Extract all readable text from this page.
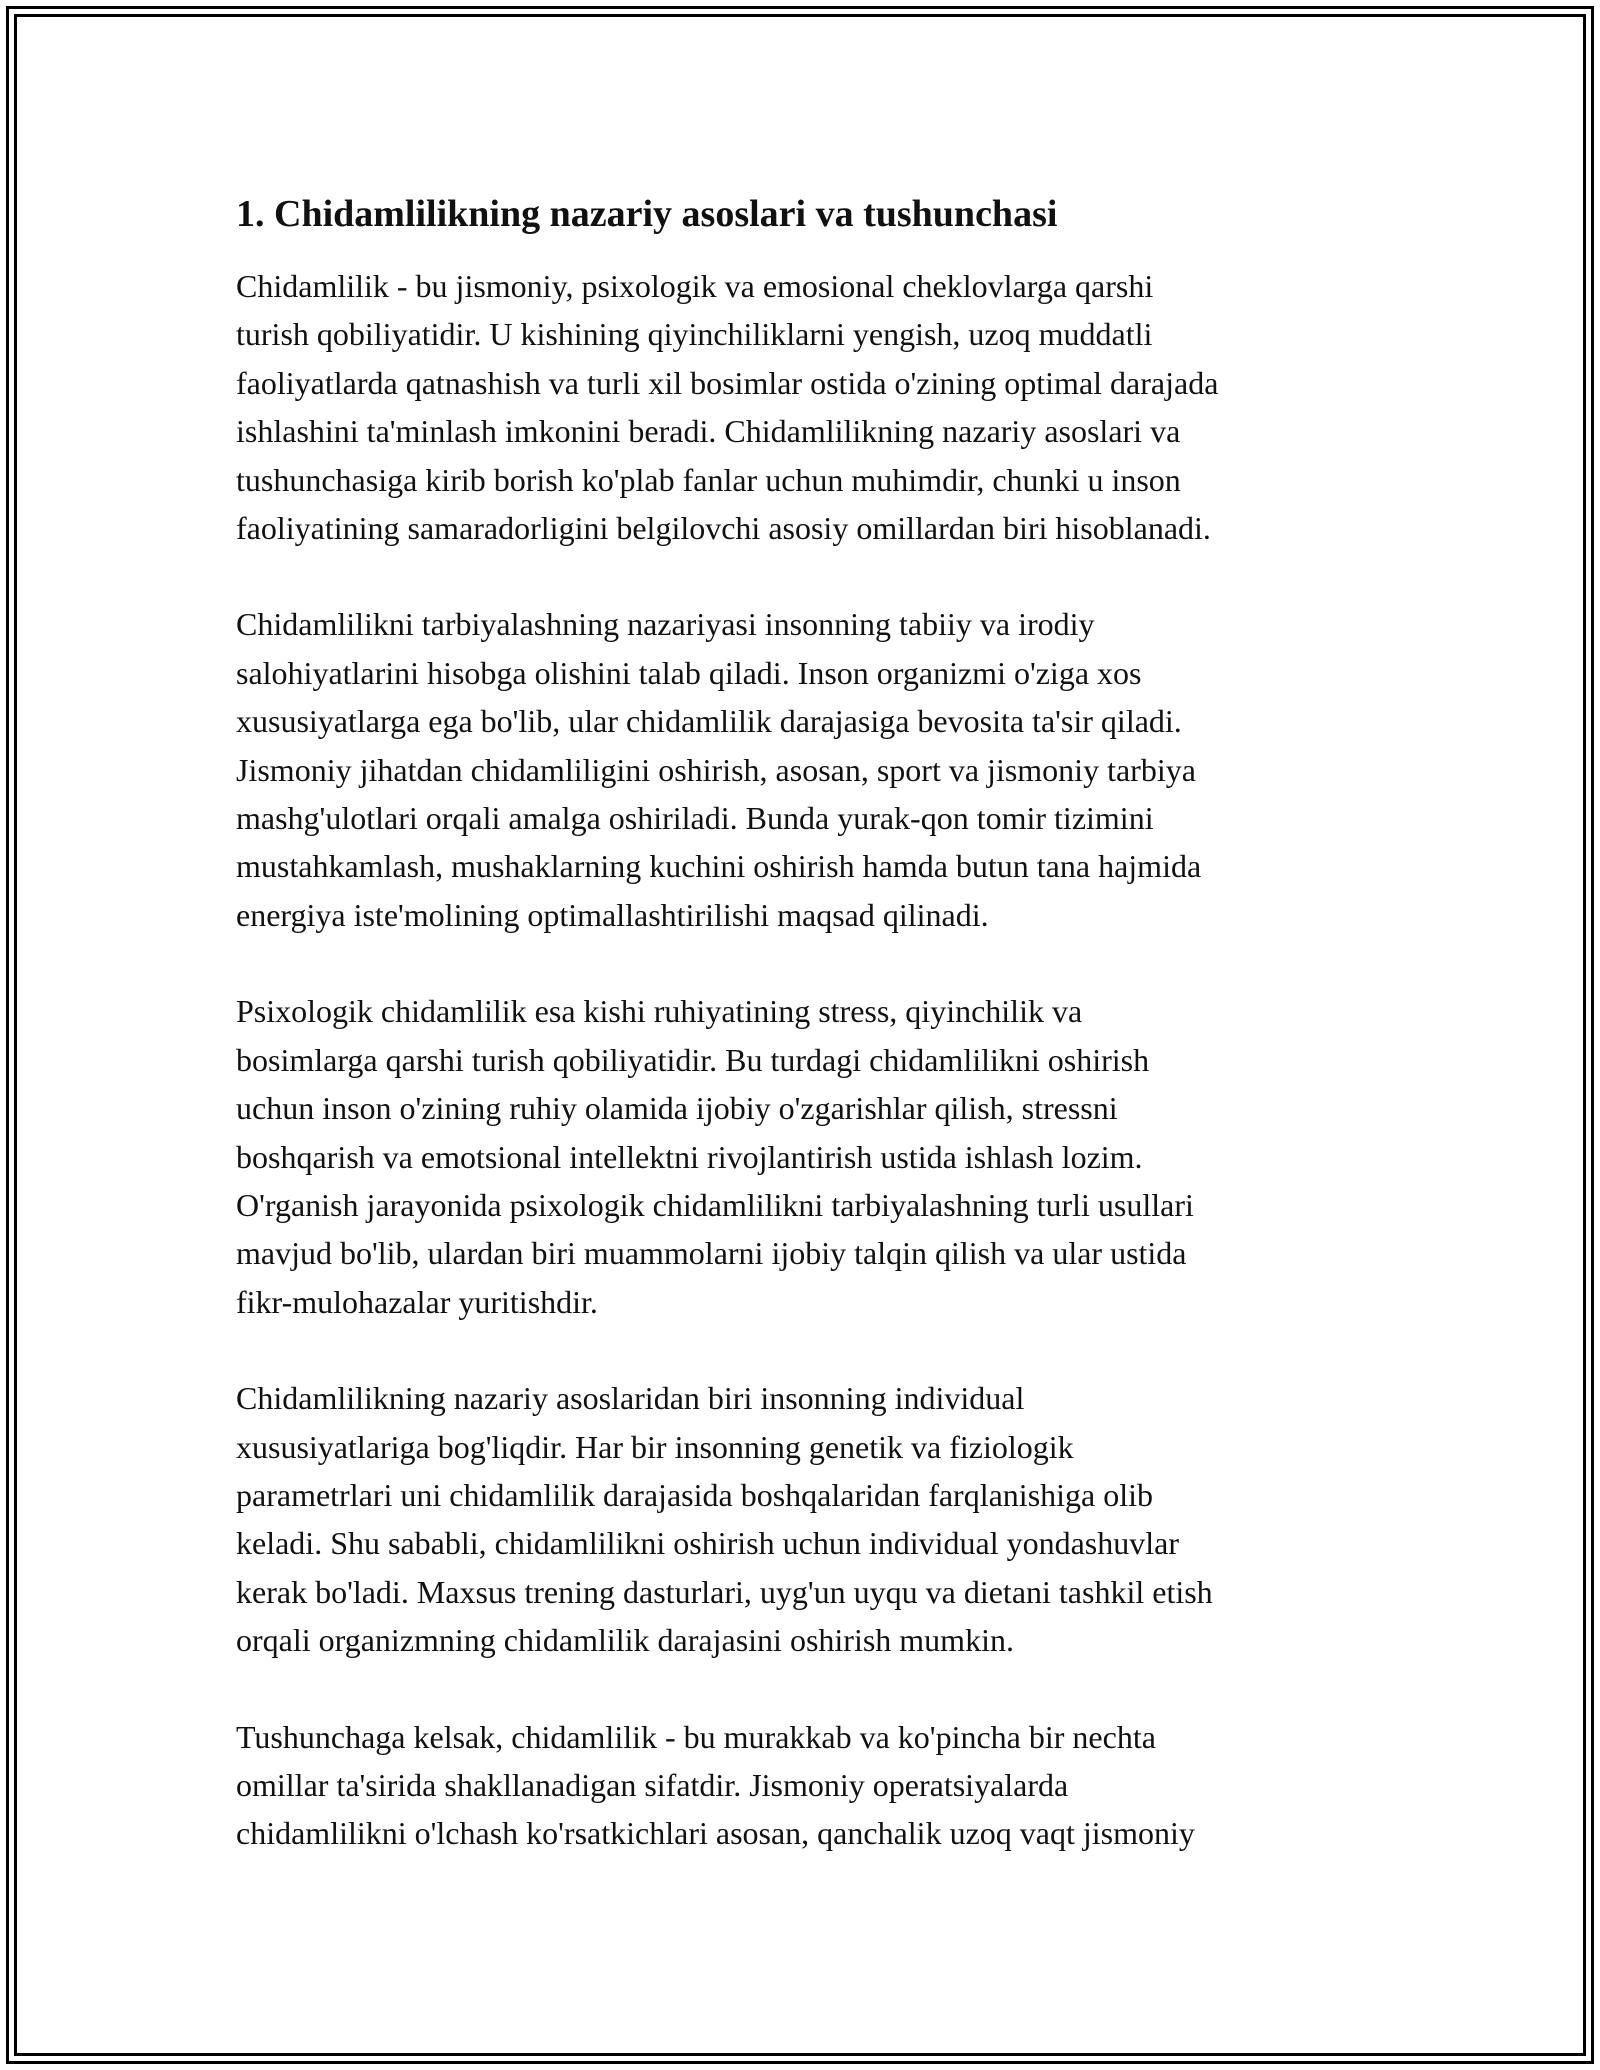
1. Chidamlilikning nazariy asoslari va tushunchasi

Chidamlilik - bu jismoniy, psixologik va emosional cheklovlarga qarshi
turish qobiliyatidir. U kishining qiyinchiliklarni yengish, uzoq muddatli
faoliyatlarda qatnashish va turli xil bosimlar ostida o'zining optimal darajada
ishlashini ta'minlash imkonini beradi. Chidamlilikning nazariy asoslari va
tushunchasiga kirib borish ko'plab fanlar uchun muhimdir, chunki u inson
faoliyatining samaradorligini belgilovchi asosiy omillardan biri hisoblanadi.

Chidamlilikni tarbiyalashning nazariyasi insonning tabiiy va irodiy
salohiyatlarini hisobga olishini talab qiladi. Inson organizmi o'ziga xos
xususiyatlarga ega bo'lib, ular chidamlilik darajasiga bevosita ta'sir qiladi.
Jismoniy jihatdan chidamliligini oshirish, asosan, sport va jismoniy tarbiya
mashg'ulotlari orqali amalga oshiriladi. Bunda yurak-qon tomir tizimini
mustahkamlash, mushaklarning kuchini oshirish hamda butun tana hajmida
energiya iste'molining optimallashtirilishi maqsad qilinadi.

Psixologik chidamlilik esa kishi ruhiyatining stress, qiyinchilik va
bosimlarga qarshi turish qobiliyatidir. Bu turdagi chidamlilikni oshirish
uchun inson o'zining ruhiy olamida ijobiy o'zgarishlar qilish, stressni
boshqarish va emotsional intellektni rivojlantirish ustida ishlash lozim.
O'rganish jarayonida psixologik chidamlilikni tarbiyalashning turli usullari
mavjud bo'lib, ulardan biri muammolarni ijobiy talqin qilish va ular ustida
fikr-mulohazalar yuritishdir.

Chidamlilikning nazariy asoslaridan biri insonning individual
xususiyatlariga bog'liqdir. Har bir insonning genetik va fiziologik
parametrlari uni chidamlilik darajasida boshqalaridan farqlanishiga olib
keladi. Shu sababli, chidamlilikni oshirish uchun individual yondashuvlar
kerak bo'ladi. Maxsus trening dasturlari, uyg'un uyqu va dietani tashkil etish
orqali organizmning chidamlilik darajasini oshirish mumkin.

Tushunchaga kelsak, chidamlilik - bu murakkab va ko'pincha bir nechta
omillar ta'sirida shakllanadigan sifatdir. Jismoniy operatsiyalarda
chidamlilikni o'lchash ko'rsatkichlari asosan, qanchalik uzoq vaqt jismoniy
